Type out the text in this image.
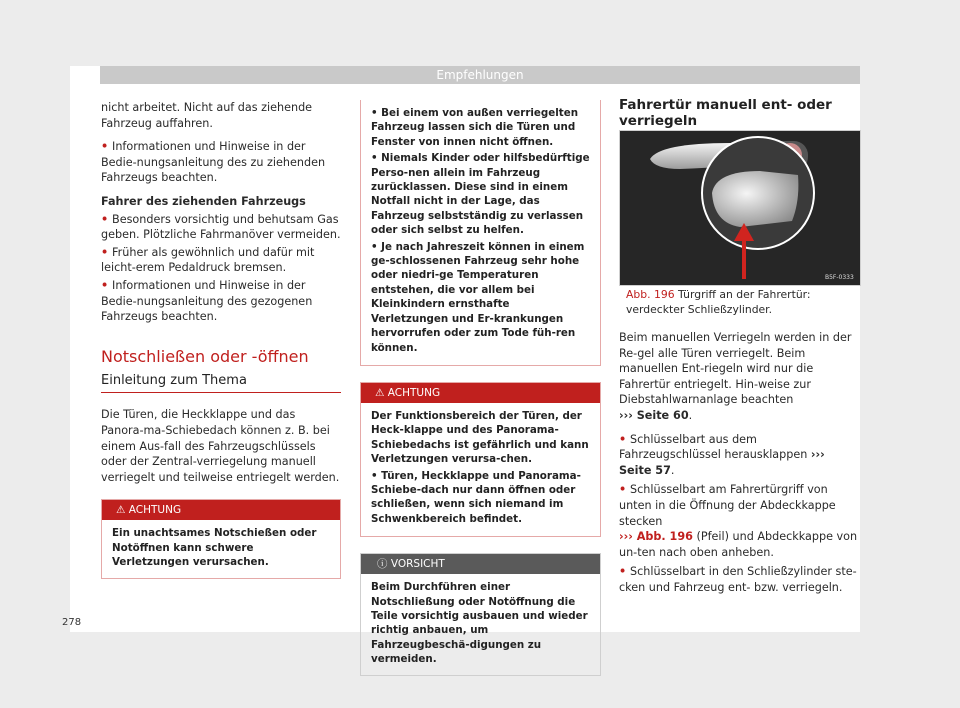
Empfehlungen

nicht arbeitet. Nicht auf das ziehende Fahrzeug auffahren.

• Informationen und Hinweise in der Bedie-nungsanleitung des zu ziehenden Fahrzeugs beachten.

Fahrer des ziehenden Fahrzeugs

• Besonders vorsichtig und behutsam Gas geben. Plötzliche Fahrmanöver vermeiden.

• Früher als gewöhnlich und dafür mit leicht-erem Pedaldruck bremsen.

• Informationen und Hinweise in der Bedie-nungsanleitung des gezogenen Fahrzeugs beachten.

Notschließen oder -öffnen
Einleitung zum Thema

Die Türen, die Heckklappe und das Panora-ma-Schiebedach können z. B. bei einem Aus-fall des Fahrzeugschlüssels oder der Zentral-verriegelung manuell verriegelt und teilweise entriegelt werden.

⚠ ACHTUNG
Ein unachtsames Notschießen oder Notöffnen kann schwere Verletzungen verursachen.

• Bei einem von außen verriegelten Fahrzeug lassen sich die Türen und Fenster von innen nicht öffnen.

• Niemals Kinder oder hilfsbedürftige Perso-nen allein im Fahrzeug zurücklassen. Diese sind in einem Notfall nicht in der Lage, das Fahrzeug selbstständig zu verlassen oder sich selbst zu helfen.

• Je nach Jahreszeit können in einem ge-schlossenen Fahrzeug sehr hohe oder niedri-ge Temperaturen entstehen, die vor allem bei Kleinkindern ernsthafte Verletzungen und Er-krankungen hervorrufen oder zum Tode füh-ren können.

⚠ ACHTUNG

Der Funktionsbereich der Türen, der Heck-klappe und des Panorama-Schiebedachs ist gefährlich und kann Verletzungen verursa-chen.

• Türen, Heckklappe und Panorama-Schiebe-dach nur dann öffnen oder schließen, wenn sich niemand im Schwenkbereich befindet.

ⓘ VORSICHT
Beim Durchführen einer Notschließung oder Notöffnung die Teile vorsichtig ausbauen und wieder richtig anbauen, um Fahrzeugbeschä-digungen zu vermeiden.
Fahrertür manuell ent- oder verriegeln
B5F-0333
Abb. 196 Türgriff an der Fahrertür: verdeckter Schließzylinder.

Beim manuellen Verriegeln werden in der Re-gel alle Türen verriegelt. Beim manuellen Ent-riegeln wird nur die Fahrertür entriegelt. Hin-weise zur Diebstahlwarnanlage beachten
››› Seite 60.

• Schlüsselbart aus dem Fahrzeugschlüssel herausklappen ››› Seite 57.

• Schlüsselbart am Fahrertürgriff von unten in die Öffnung der Abdeckkappe stecken
››› Abb. 196 (Pfeil) und Abdeckkappe von un-ten nach oben anheben.

• Schlüsselbart in den Schließzylinder ste-cken und Fahrzeug ent- bzw. verriegeln.

278
